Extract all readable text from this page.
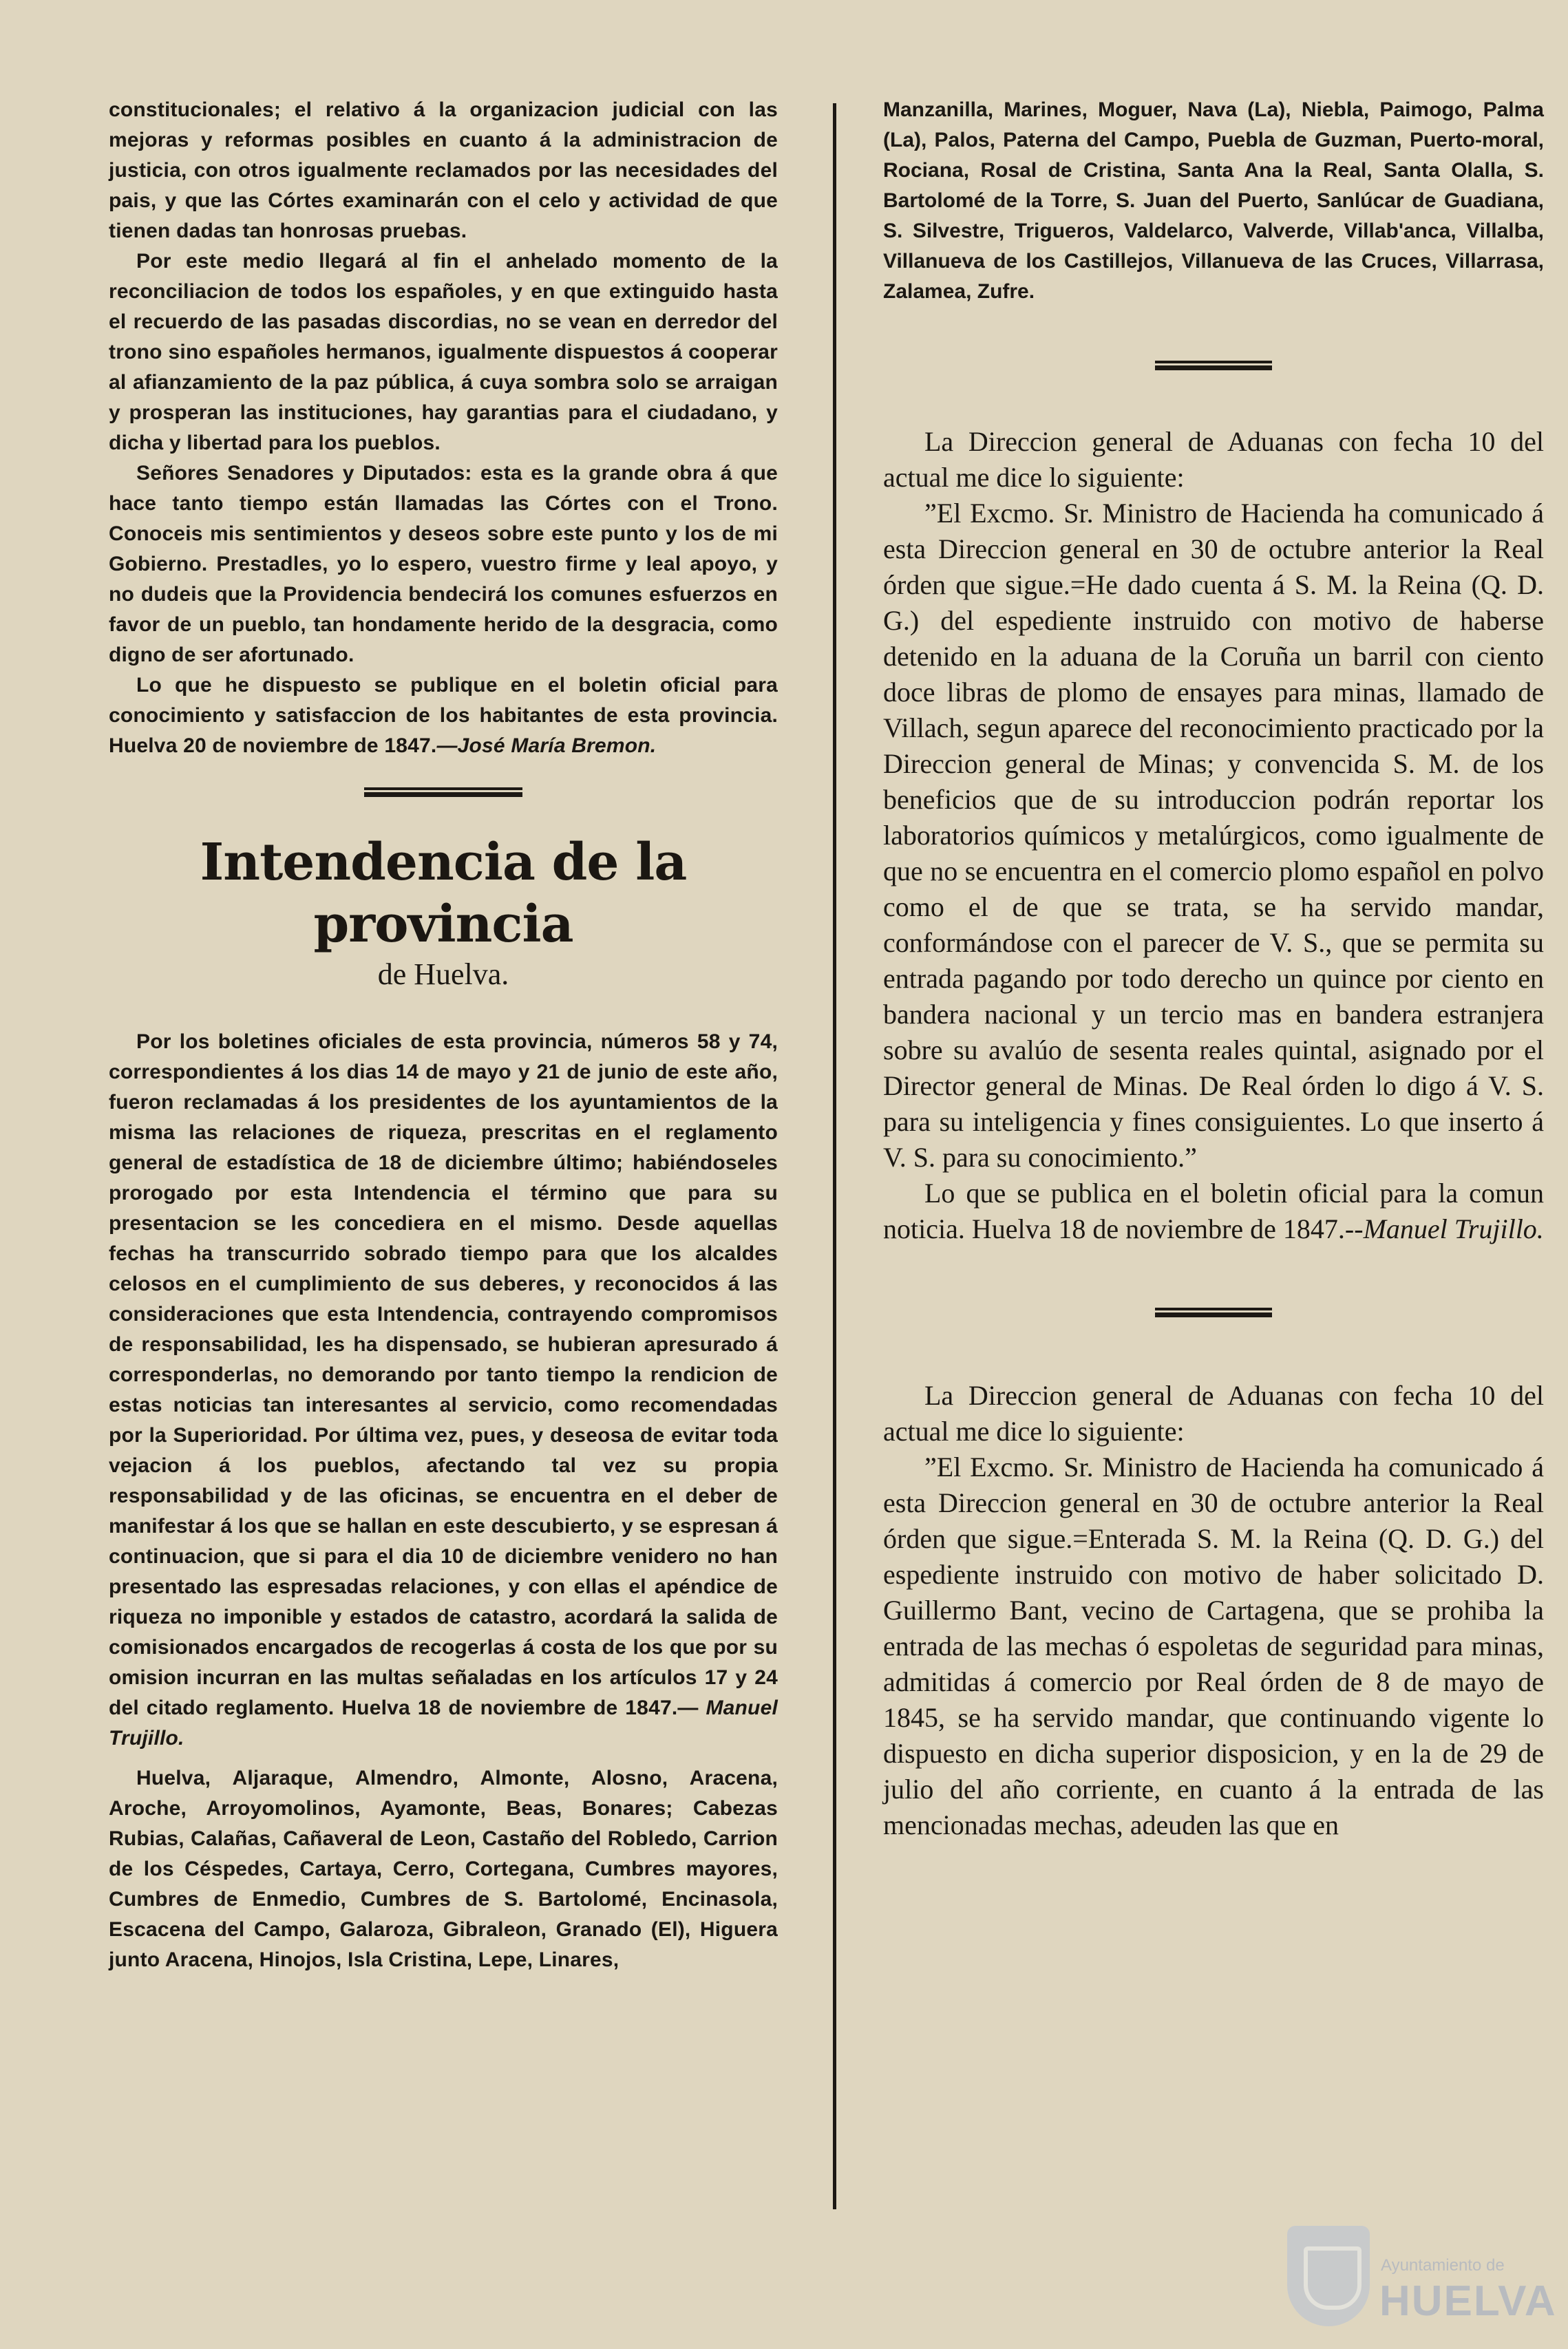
constitucionales; el relativo á la organizacion judicial con las mejoras y reformas posibles en cuanto á la administracion de justicia, con otros igualmente reclamados por las necesidades del pais, y que las Córtes examinarán con el celo y actividad de que tienen dadas tan honrosas pruebas.

Por este medio llegará al fin el anhelado momento de la reconciliacion de todos los españoles, y en que extinguido hasta el recuerdo de las pasadas discordias, no se vean en derredor del trono sino españoles hermanos, igualmente dispuestos á cooperar al afianzamiento de la paz pública, á cuya sombra solo se arraigan y prosperan las instituciones, hay garantias para el ciudadano, y dicha y libertad para los pueblos.

Señores Senadores y Diputados: esta es la grande obra á que hace tanto tiempo están llamadas las Córtes con el Trono. Conoceis mis sentimientos y deseos sobre este punto y los de mi Gobierno. Prestadles, yo lo espero, vuestro firme y leal apoyo, y no dudeis que la Providencia bendecirá los comunes esfuerzos en favor de un pueblo, tan hondamente herido de la desgracia, como digno de ser afortunado.

Lo que he dispuesto se publique en el boletin oficial para conocimiento y satisfaccion de los habitantes de esta provincia. Huelva 20 de noviembre de 1847.—José María Bremon.

Intendencia de la provincia
de Huelva.

Por los boletines oficiales de esta provincia, números 58 y 74, correspondientes á los dias 14 de mayo y 21 de junio de este año, fueron reclamadas á los presidentes de los ayuntamientos de la misma las relaciones de riqueza, prescritas en el reglamento general de estadística de 18 de diciembre último; habiéndoseles prorogado por esta Intendencia el término que para su presentacion se les concediera en el mismo. Desde aquellas fechas ha transcurrido sobrado tiempo para que los alcaldes celosos en el cumplimiento de sus deberes, y reconocidos á las consideraciones que esta Intendencia, contrayendo compromisos de responsabilidad, les ha dispensado, se hubieran apresurado á corresponderlas, no demorando por tanto tiempo la rendicion de estas noticias tan interesantes al servicio, como recomendadas por la Superioridad. Por última vez, pues, y deseosa de evitar toda vejacion á los pueblos, afectando tal vez su propia responsabilidad y de las oficinas, se encuentra en el deber de manifestar á los que se hallan en este descubierto, y se espresan á continuacion, que si para el dia 10 de diciembre venidero no han presentado las espresadas relaciones, y con ellas el apéndice de riqueza no imponible y estados de catastro, acordará la salida de comisionados encargados de recogerlas á costa de los que por su omision incurran en las multas señaladas en los artículos 17 y 24 del citado reglamento. Huelva 18 de noviembre de 1847.— Manuel Trujillo.

Huelva, Aljaraque, Almendro, Almonte, Alosno, Aracena, Aroche, Arroyomolinos, Ayamonte, Beas, Bonares; Cabezas Rubias, Calañas, Cañaveral de Leon, Castaño del Robledo, Carrion de los Céspedes, Cartaya, Cerro, Cortegana, Cumbres mayores, Cumbres de Enmedio, Cumbres de S. Bartolomé, Encinasola, Escacena del Campo, Galaroza, Gibraleon, Granado (El), Higuera junto Aracena, Hinojos, Isla Cristina, Lepe, Linares,

Manzanilla, Marines, Moguer, Nava (La), Niebla, Paimogo, Palma (La), Palos, Paterna del Campo, Puebla de Guzman, Puerto-moral, Rociana, Rosal de Cristina, Santa Ana la Real, Santa Olalla, S. Bartolomé de la Torre, S. Juan del Puerto, Sanlúcar de Guadiana, S. Silvestre, Trigueros, Valdelarco, Valverde, Villab'anca, Villalba, Villanueva de los Castillejos, Villanueva de las Cruces, Villarrasa, Zalamea, Zufre.

La Direccion general de Aduanas con fecha 10 del actual me dice lo siguiente:

”El Excmo. Sr. Ministro de Hacienda ha comunicado á esta Direccion general en 30 de octubre anterior la Real órden que sigue.=He dado cuenta á S. M. la Reina (Q. D. G.) del espediente instruido con motivo de haberse detenido en la aduana de la Coruña un barril con ciento doce libras de plomo de ensayes para minas, llamado de Villach, segun aparece del reconocimiento practicado por la Direccion general de Minas; y convencida S. M. de los beneficios que de su introduccion podrán reportar los laboratorios químicos y metalúrgicos, como igualmente de que no se encuentra en el comercio plomo español en polvo como el de que se trata, se ha servido mandar, conformándose con el parecer de V. S., que se permita su entrada pagando por todo derecho un quince por ciento en bandera nacional y un tercio mas en bandera estranjera sobre su avalúo de sesenta reales quintal, asignado por el Director general de Minas. De Real órden lo digo á V. S. para su inteligencia y fines consiguientes. Lo que inserto á V. S. para su conocimiento.”

Lo que se publica en el boletin oficial para la comun noticia. Huelva 18 de noviembre de 1847.--Manuel Trujillo.

La Direccion general de Aduanas con fecha 10 del actual me dice lo siguiente:

”El Excmo. Sr. Ministro de Hacienda ha comunicado á esta Direccion general en 30 de octubre anterior la Real órden que sigue.=Enterada S. M. la Reina (Q. D. G.) del espediente instruido con motivo de haber solicitado D. Guillermo Bant, vecino de Cartagena, que se prohiba la entrada de las mechas ó espoletas de seguridad para minas, admitidas á comercio por Real órden de 8 de mayo de 1845, se ha servido mandar, que continuando vigente lo dispuesto en dicha superior disposicion, y en la de 29 de julio del año corriente, en cuanto á la entrada de las mencionadas mechas, adeuden las que en

Ayuntamiento de
HUELVA
